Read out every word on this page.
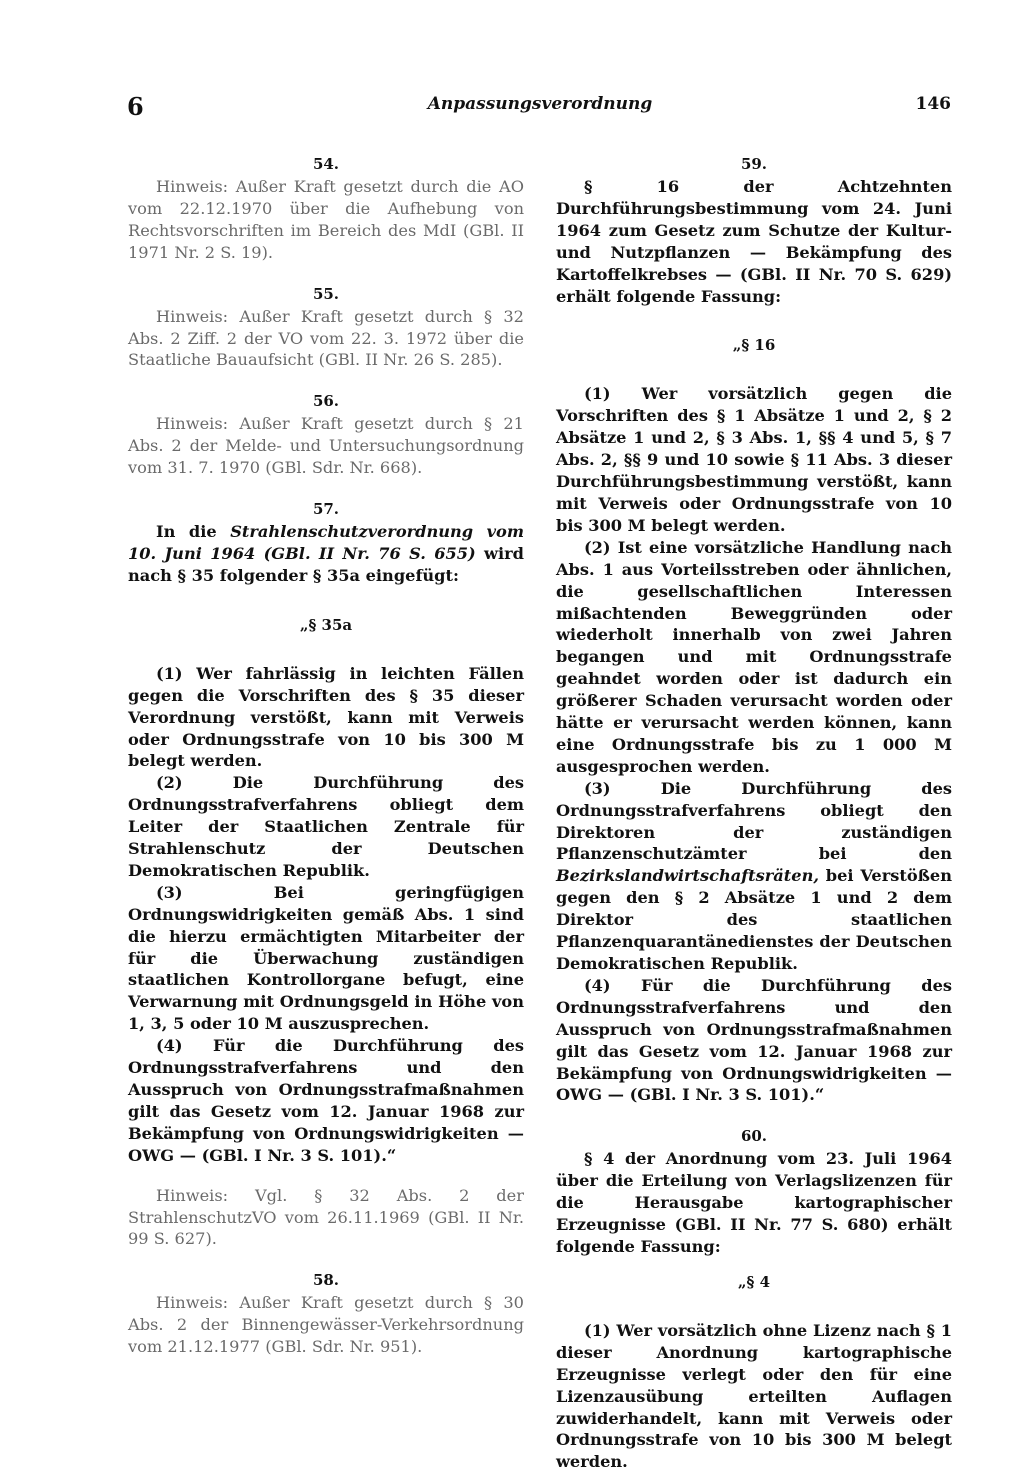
6	Anpassungsverordnung	146
54.

Hinweis: Außer Kraft gesetzt durch die AO vom 22.12.1970 über die Aufhebung von Rechtsvorschriften im Bereich des MdI (GBl. II 1971 Nr. 2 S. 19).

55.

Hinweis: Außer Kraft gesetzt durch § 32 Abs. 2 Ziff. 2 der VO vom 22. 3. 1972 über die Staatliche Bauaufsicht (GBl. II Nr. 26 S. 285).

56.

Hinweis: Außer Kraft gesetzt durch § 21 Abs. 2 der Melde- und Untersuchungsordnung vom 31. 7. 1970 (GBl. Sdr. Nr. 668).

57.

In die Strahlenschutzverordnung vom 10. Juni 1964 (GBl. II Nr. 76 S. 655) wird nach § 35 folgender § 35a eingefügt:

„§ 35a

(1) Wer fahrlässig in leichten Fällen gegen die Vorschriften des § 35 dieser Verordnung verstößt, kann mit Verweis oder Ordnungsstrafe von 10 bis 300 M belegt werden.

(2) Die Durchführung des Ordnungsstrafverfahrens obliegt dem Leiter der Staatlichen Zentrale für Strahlenschutz der Deutschen Demokratischen Republik.

(3) Bei geringfügigen Ordnungswidrigkeiten gemäß Abs. 1 sind die hierzu ermächtigten Mitarbeiter der für die Überwachung zuständigen staatlichen Kontrollorgane befugt, eine Verwarnung mit Ordnungsgeld in Höhe von 1, 3, 5 oder 10 M auszusprechen.

(4) Für die Durchführung des Ordnungsstrafverfahrens und den Ausspruch von Ordnungsstrafmaßnahmen gilt das Gesetz vom 12. Januar 1968 zur Bekämpfung von Ordnungswidrigkeiten — OWG — (GBl. I Nr. 3 S. 101).“

Hinweis: Vgl. § 32 Abs. 2 der StrahlenschutzVO vom 26.11.1969 (GBl. II Nr. 99 S. 627).

58.

Hinweis: Außer Kraft gesetzt durch § 30 Abs. 2 der Binnengewässer-Verkehrsordnung vom 21.12.1977 (GBl. Sdr. Nr. 951).

59.

§ 16 der Achtzehnten Durchführungsbestimmung vom 24. Juni 1964 zum Gesetz zum Schutze der Kultur- und Nutzpflanzen — Bekämpfung des Kartoffelkrebses — (GBl. II Nr. 70 S. 629) erhält folgende Fassung:

„§ 16

(1) Wer vorsätzlich gegen die Vorschriften des § 1 Absätze 1 und 2, § 2 Absätze 1 und 2, § 3 Abs. 1, §§ 4 und 5, § 7 Abs. 2, §§ 9 und 10 sowie § 11 Abs. 3 dieser Durchführungsbestimmung verstößt, kann mit Verweis oder Ordnungsstrafe von 10 bis 300 M belegt werden.

(2) Ist eine vorsätzliche Handlung nach Abs. 1 aus Vorteilsstreben oder ähnlichen, die gesellschaftlichen Interessen mißachtenden Beweggründen oder wiederholt innerhalb von zwei Jahren begangen und mit Ordnungsstrafe geahndet worden oder ist dadurch ein größerer Schaden verursacht worden oder hätte er verursacht werden können, kann eine Ordnungsstrafe bis zu 1 000 M ausgesprochen werden.

(3) Die Durchführung des Ordnungsstrafverfahrens obliegt den Direktoren der zuständigen Pflanzenschutzämter bei den Bezirkslandwirtschaftsräten, bei Verstößen gegen den § 2 Absätze 1 und 2 dem Direktor des staatlichen Pflanzenquarantänedienstes der Deutschen Demokratischen Republik.

(4) Für die Durchführung des Ordnungsstrafverfahrens und den Ausspruch von Ordnungsstrafmaßnahmen gilt das Gesetz vom 12. Januar 1968 zur Bekämpfung von Ordnungswidrigkeiten — OWG — (GBl. I Nr. 3 S. 101).“

60.

§ 4 der Anordnung vom 23. Juli 1964 über die Erteilung von Verlagslizenzen für die Herausgabe kartographischer Erzeugnisse (GBl. II Nr. 77 S. 680) erhält folgende Fassung:

„§ 4

(1) Wer vorsätzlich ohne Lizenz nach § 1 dieser Anordnung kartographische Erzeugnisse verlegt oder den für eine Lizenzausübung erteilten Auflagen zuwiderhandelt, kann mit Verweis oder Ordnungsstrafe von 10 bis 300 M belegt werden.
